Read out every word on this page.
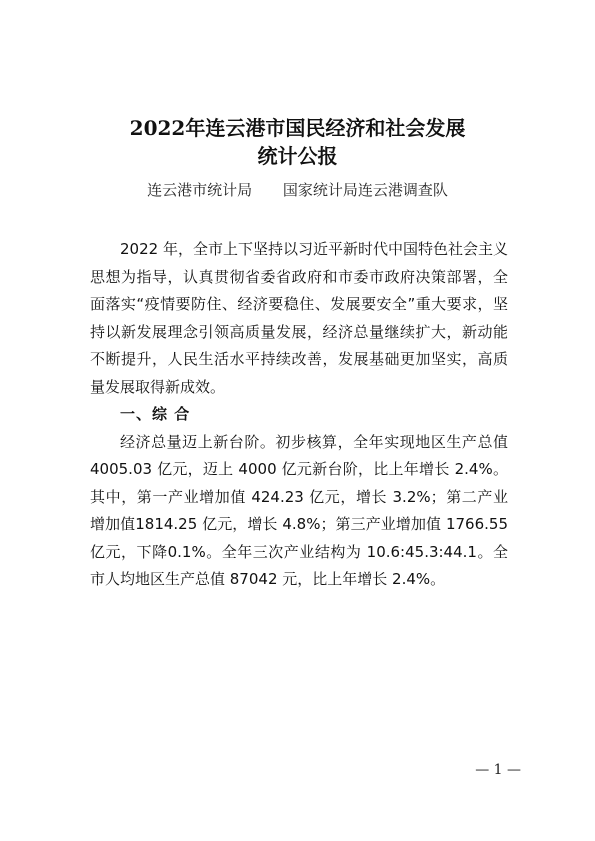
2022年连云港市国民经济和社会发展
统计公报
连云港市统计局 国家统计局连云港调查队

2022 年，全市上下坚持以习近平新时代中国特色社会主义思想为指导，认真贯彻省委省政府和市委市政府决策部署，全面落实“疫情要防住、经济要稳住、发展要安全”重大要求，坚持以新发展理念引领高质量发展，经济总量继续扩大，新动能不断提升，人民生活水平持续改善，发展基础更加坚实，高质量发展取得新成效。

一、综 合

经济总量迈上新台阶。初步核算，全年实现地区生产总值4005.03 亿元，迈上 4000 亿元新台阶，比上年增长 2.4%。其中，第一产业增加值 424.23 亿元，增长 3.2%；第二产业增加值1814.25 亿元，增长 4.8%；第三产业增加值 1766.55 亿元，下降0.1%。全年三次产业结构为 10.6:45.3:44.1。全市人均地区生产总值 87042 元，比上年增长 2.4%。

— 1 —
